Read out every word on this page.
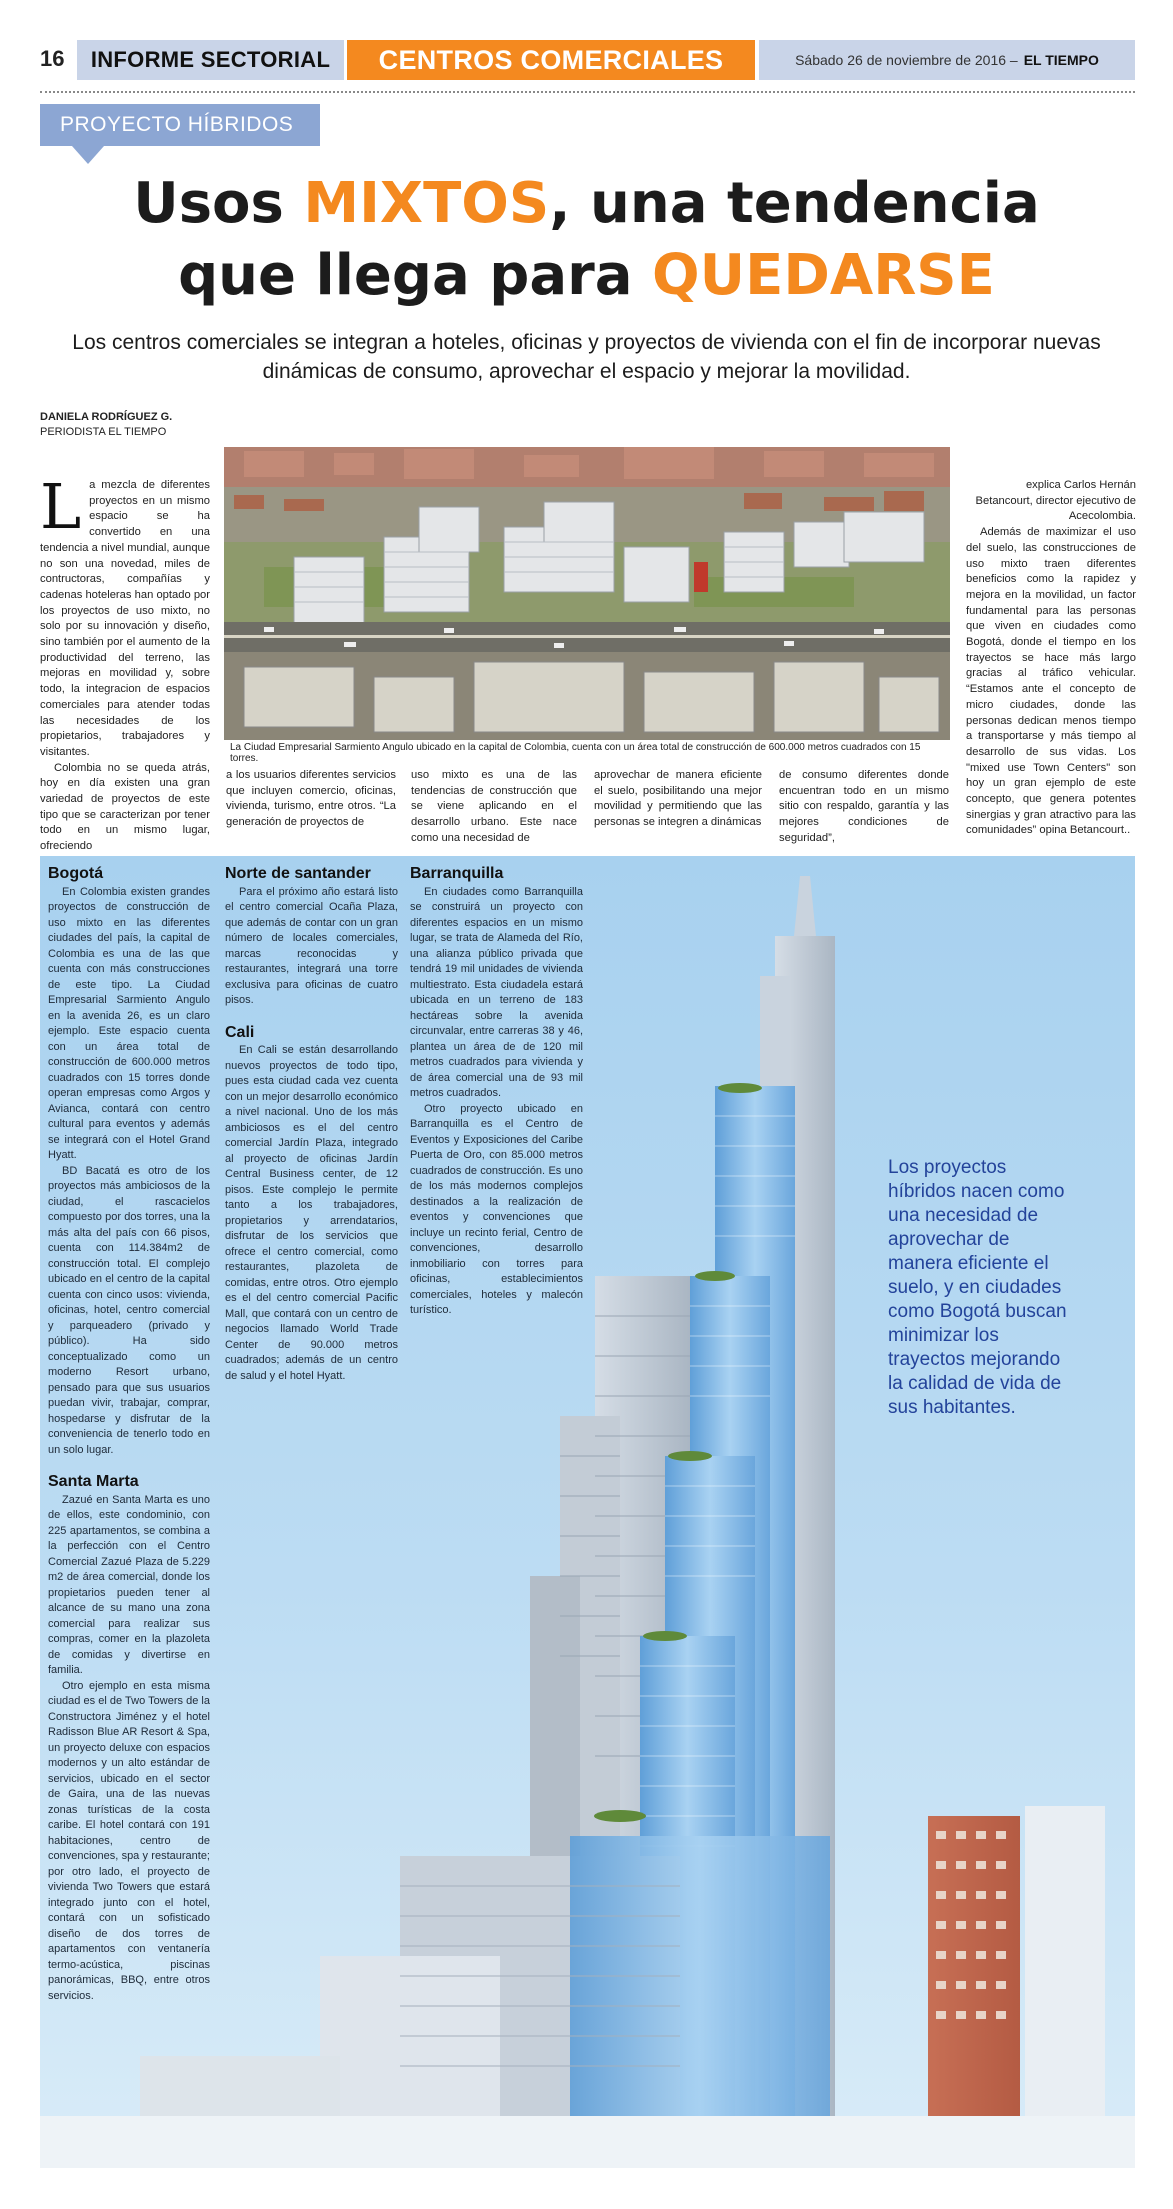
16	INFORME SECTORIAL	CENTROS COMERCIALES	Sábado 26 de noviembre de 2016 – EL TIEMPO
PROYECTO HÍBRIDOS
Usos MIXTOS, una tendencia
que llega para QUEDARSE
Los centros comerciales se integran a hoteles, oficinas y proyectos de vivienda con el fin de incorporar nuevas dinámicas de consumo, aprovechar el espacio y mejorar la movilidad.
DANIELA RODRÍGUEZ G.
PERIODISTA EL TIEMPO
La Ciudad Empresarial Sarmiento Angulo ubicado en la capital de Colombia, cuenta con un área total de construcción de 600.000 metros cuadrados con 15 torres.
L a mezcla de diferentes proyectos en un mismo espacio se ha convertido en una tendencia a nivel mundial, aunque no son una novedad, miles de contructoras, compañías y cadenas hoteleras han optado por los proyectos de uso mixto, no solo por su innovación y diseño, sino también por el aumento de la productividad del terreno, las mejoras en movilidad y, sobre todo, la integracion de espacios comerciales para atender todas las necesidades de los propietarios, trabajadores y visitantes.

Colombia no se queda atrás, hoy en día existen una gran variedad de proyectos de este tipo que se caracterizan por tener todo en un mismo lugar, ofreciendo

a los usuarios diferentes servicios que incluyen comercio, oficinas, vivienda, turismo, entre otros. “La generación de proyectos de
uso mixto es una de las tendencias de construcción que se viene aplicando en el desarrollo urbano. Este nace como una necesidad de
aprovechar de manera eficiente el suelo, posibilitando una mejor movilidad y permitiendo que las personas se integren a dinámicas
de consumo diferentes donde encuentran todo en un mismo sitio con respaldo, garantía y las mejores condiciones de seguridad”,

explica Carlos Hernán Betancourt, director ejecutivo de Acecolombia.

Además de maximizar el uso del suelo, las construcciones de uso mixto traen diferentes beneficios como la rapidez y mejora en la movilidad, un factor fundamental para las personas que viven en ciudades como Bogotá, donde el tiempo en los trayectos se hace más largo gracias al tráfico vehicular. “Estamos ante el concepto de micro ciudades, donde las personas dedican menos tiempo a transportarse y más tiempo al desarrollo de sus vidas. Los "mixed use Town Centers" son hoy un gran ejemplo de este concepto, que genera potentes sinergias y gran atractivo para las comunidades” opina Betancourt..

Bogotá

En Colombia existen grandes proyectos de construcción de uso mixto en las diferentes ciudades del país, la capital de Colombia es una de las que cuenta con más construcciones de este tipo. La Ciudad Empresarial Sarmiento Angulo en la avenida 26, es un claro ejemplo. Este espacio cuenta con un área total de construcción de 600.000 metros cuadrados con 15 torres donde operan empresas como Argos y Avianca, contará con centro cultural para eventos y además se integrará con el Hotel Grand Hyatt.

BD Bacatá es otro de los proyectos más ambiciosos de la ciudad, el rascacielos compuesto por dos torres, una la más alta del país con 66 pisos, cuenta con 114.384m2 de construcción total. El complejo ubicado en el centro de la capital cuenta con cinco usos: vivienda, oficinas, hotel, centro comercial y parqueadero (privado y público). Ha sido conceptualizado como un moderno Resort urbano, pensado para que sus usuarios puedan vivir, trabajar, comprar, hospedarse y disfrutar de la conveniencia de tenerlo todo en un solo lugar.

Santa Marta

Zazué en Santa Marta es uno de ellos, este condominio, con 225 apartamentos, se combina a la perfección con el Centro Comercial Zazué Plaza de 5.229 m2 de área comercial, donde los propietarios pueden tener al alcance de su mano una zona comercial para realizar sus compras, comer en la plazoleta de comidas y divertirse en familia.

Otro ejemplo en esta misma ciudad es el de Two Towers de la Constructora Jiménez y el hotel Radisson Blue AR Resort & Spa, un proyecto deluxe con espacios modernos y un alto estándar de servicios, ubicado en el sector de Gaira, una de las nuevas zonas turísticas de la costa caribe. El hotel contará con 191 habitaciones, centro de convenciones, spa y restaurante; por otro lado, el proyecto de vivienda Two Towers que estará integrado junto con el hotel, contará con un sofisticado diseño de dos torres de apartamentos con ventanería termo-acústica, piscinas panorámicas, BBQ, entre otros servicios.

Norte de santander

Para el próximo año estará listo el centro comercial Ocaña Plaza, que además de contar con un gran número de locales comerciales, marcas reconocidas y restaurantes, integrará una torre exclusiva para oficinas de cuatro pisos.

Cali

En Cali se están desarrollando nuevos proyectos de todo tipo, pues esta ciudad cada vez cuenta con un mejor desarrollo económico a nivel nacional. Uno de los más ambiciosos es el del centro comercial Jardín Plaza, integrado al proyecto de oficinas Jardín Central Business center, de 12 pisos. Este complejo le permite tanto a los trabajadores, propietarios y arrendatarios, disfrutar de los servicios que ofrece el centro comercial, como restaurantes, plazoleta de comidas, entre otros. Otro ejemplo es el del centro comercial Pacific Mall, que contará con un centro de negocios llamado World Trade Center de 90.000 metros cuadrados; además de un centro de salud y el hotel Hyatt.

Barranquilla

En ciudades como Barranquilla se construirá un proyecto con diferentes espacios en un mismo lugar, se trata de Alameda del Río, una alianza público privada que tendrá 19 mil unidades de vivienda multiestrato. Esta ciudadela estará ubicada en un terreno de 183 hectáreas sobre la avenida circunvalar, entre carreras 38 y 46, plantea un área de de 120 mil metros cuadrados para vivienda y de área comercial una de 93 mil metros cuadrados.

Otro proyecto ubicado en Barranquilla es el Centro de Eventos y Exposiciones del Caribe Puerta de Oro, con 85.000 metros cuadrados de construcción. Es uno de los más modernos complejos destinados a la realización de eventos y convenciones que incluye un recinto ferial, Centro de convenciones, desarrollo inmobiliario con torres para oficinas, establecimientos comerciales, hoteles y malecón turístico.

Los proyectos híbridos nacen como una necesidad de aprovechar de manera eficiente el suelo, y en ciudades como Bogotá buscan minimizar los trayectos mejorando la calidad de vida de sus habitantes.
